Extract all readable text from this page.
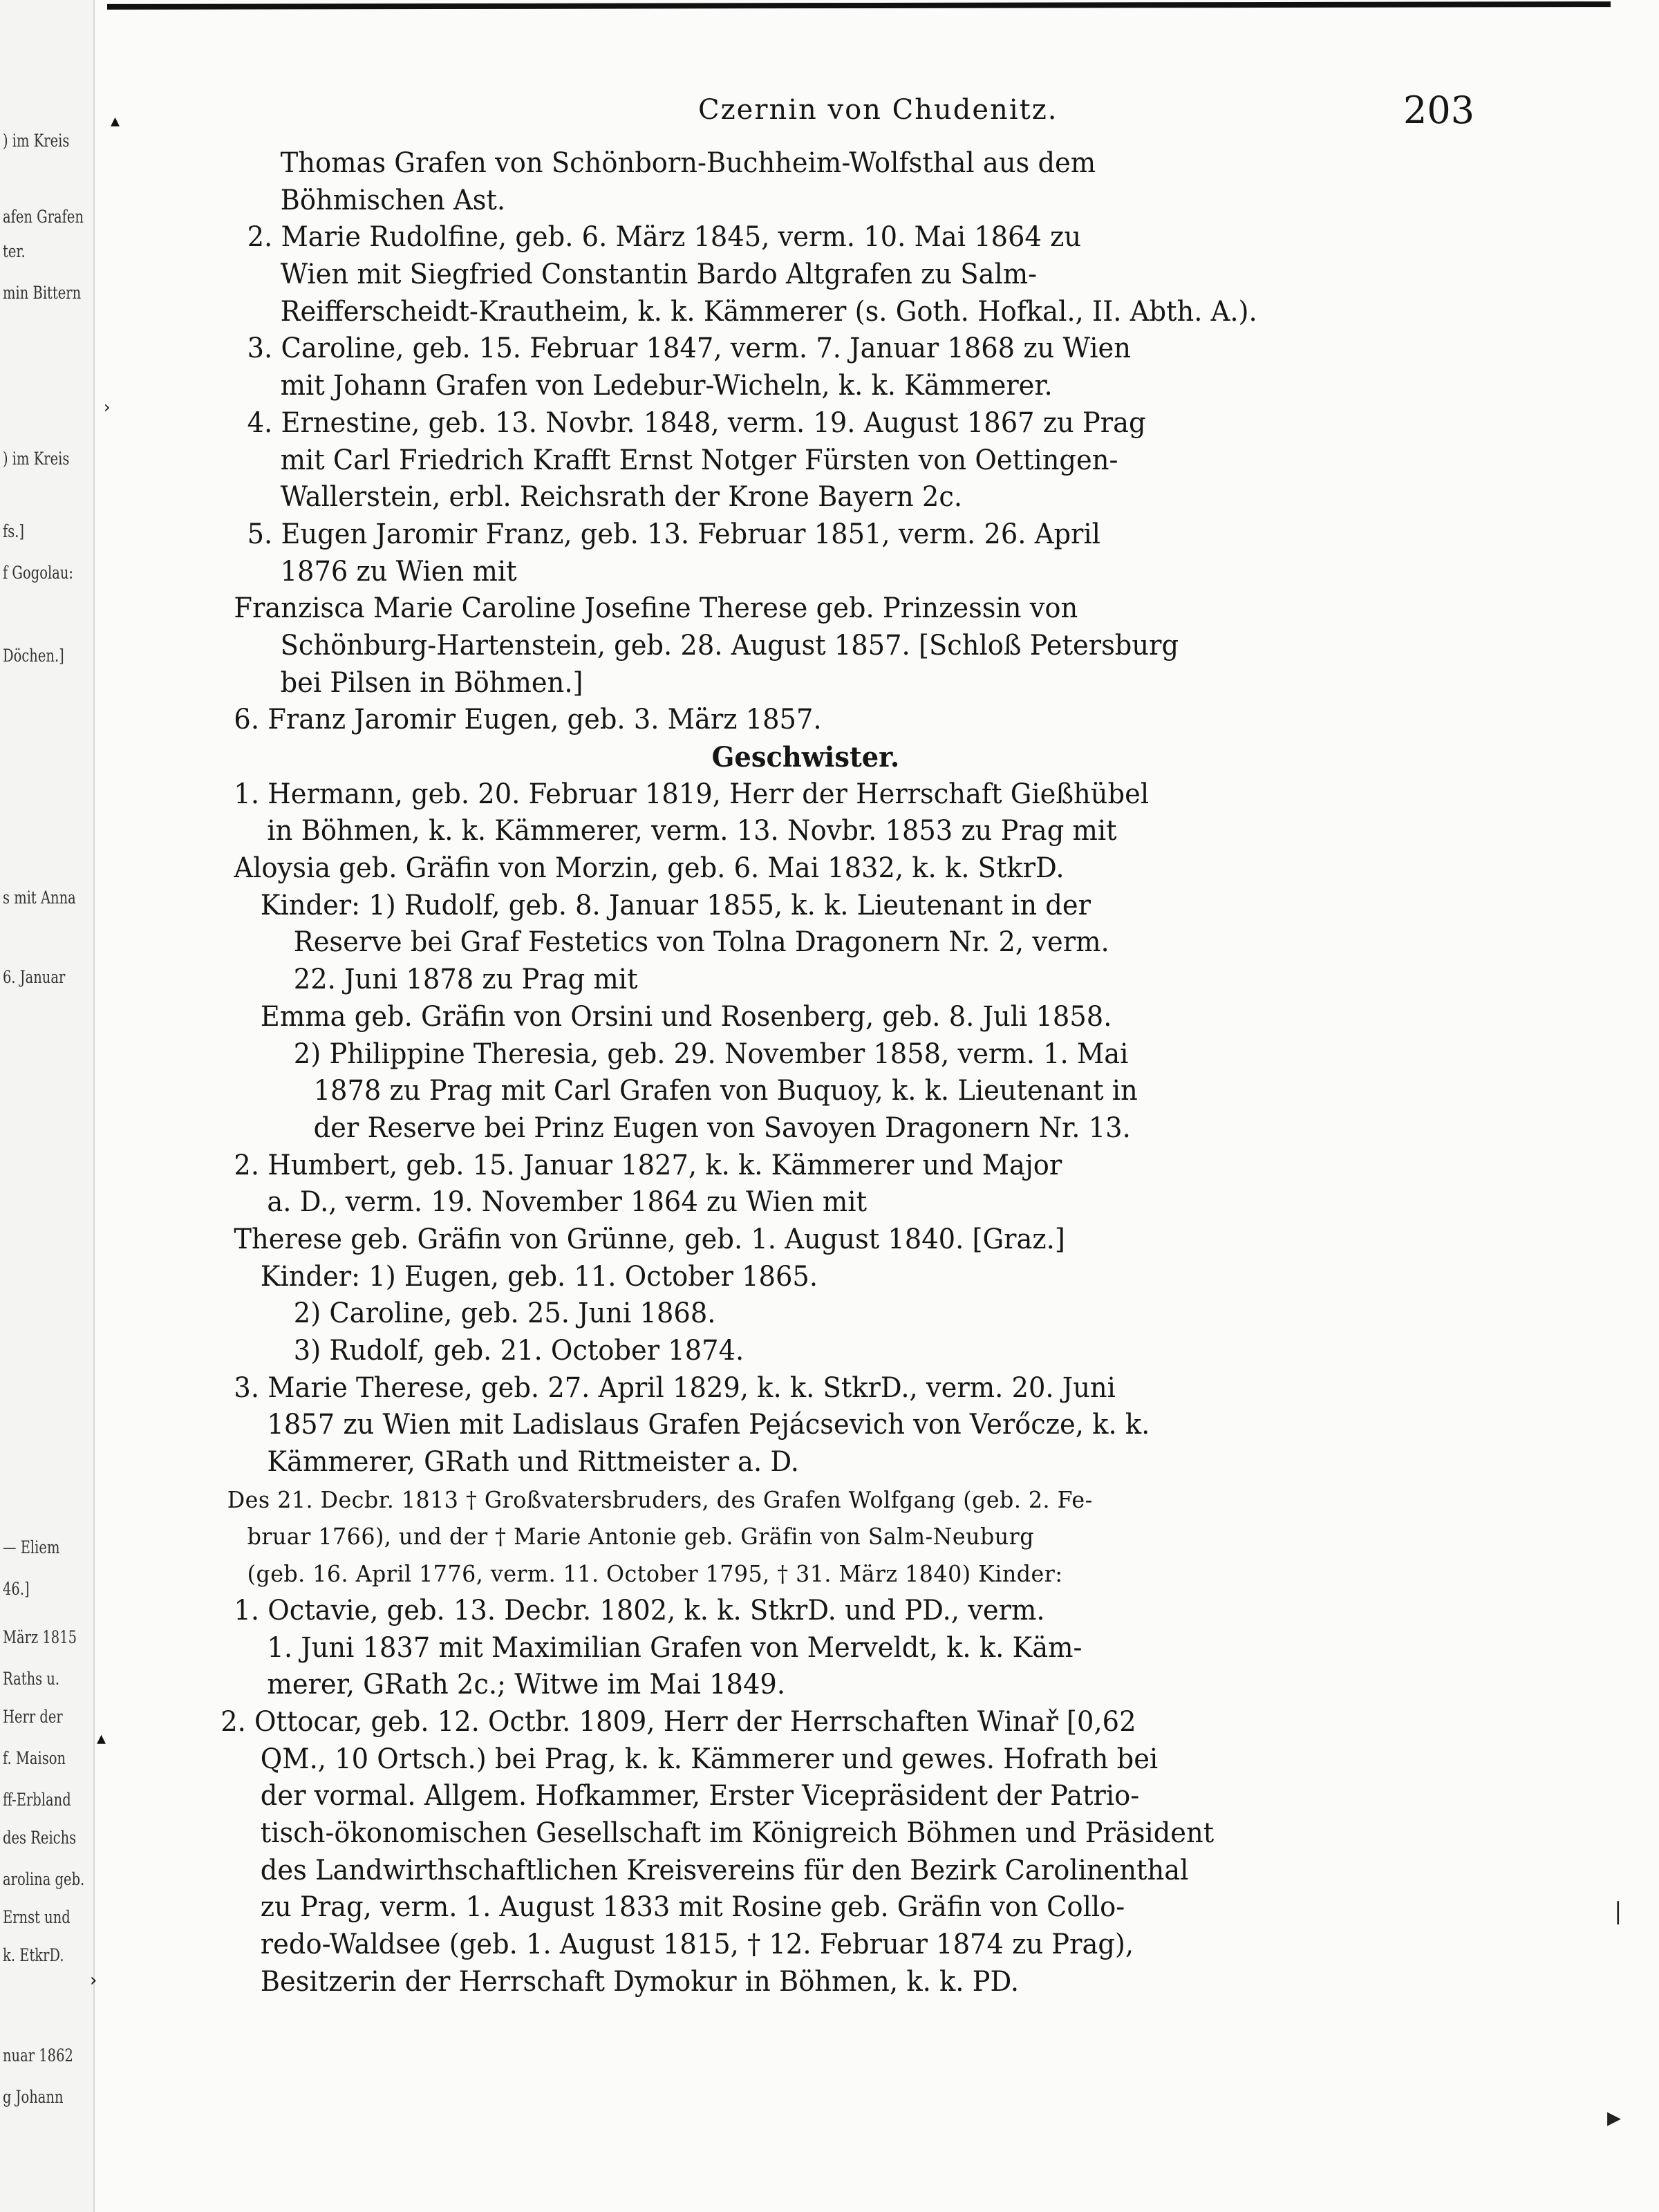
) im Kreis
afen Grafen
ter.
min Bittern
) im Kreis
fs.]
f Gogolau:
Döchen.]
s mit Anna
6. Januar
— Eliem
46.]
März 1815
Raths u.
Herr der
f. Maison
ff-Erbland
des Reichs
arolina geb.
Ernst und
k. EtkrD.
nuar 1862
g Johann
▴
›
▴
›
|
▸
Czernin von Chudenitz.	203
Thomas Grafen von Schönborn-Buchheim-Wolfsthal aus dem
Böhmischen Ast.
2. Marie Rudolfine, geb. 6. März 1845, verm. 10. Mai 1864 zu
Wien mit Siegfried Constantin Bardo Altgrafen zu Salm-
Reifferscheidt-Krautheim, k. k. Kämmerer (s. Goth. Hofkal., II. Abth. A.).
3. Caroline, geb. 15. Februar 1847, verm. 7. Januar 1868 zu Wien
mit Johann Grafen von Ledebur-Wicheln, k. k. Kämmerer.
4. Ernestine, geb. 13. Novbr. 1848, verm. 19. August 1867 zu Prag
mit Carl Friedrich Krafft Ernst Notger Fürsten von Oettingen-
Wallerstein, erbl. Reichsrath der Krone Bayern 2c.
5. Eugen Jaromir Franz, geb. 13. Februar 1851, verm. 26. April
1876 zu Wien mit
Franzisca Marie Caroline Josefine Therese geb. Prinzessin von
Schönburg-Hartenstein, geb. 28. August 1857. [Schloß Petersburg
bei Pilsen in Böhmen.]
6. Franz Jaromir Eugen, geb. 3. März 1857.
Geschwister.
1. Hermann, geb. 20. Februar 1819, Herr der Herrschaft Gießhübel
in Böhmen, k. k. Kämmerer, verm. 13. Novbr. 1853 zu Prag mit
Aloysia geb. Gräfin von Morzin, geb. 6. Mai 1832, k. k. StkrD.
Kinder: 1) Rudolf, geb. 8. Januar 1855, k. k. Lieutenant in der
Reserve bei Graf Festetics von Tolna Dragonern Nr. 2, verm.
22. Juni 1878 zu Prag mit
Emma geb. Gräfin von Orsini und Rosenberg, geb. 8. Juli 1858.
2) Philippine Theresia, geb. 29. November 1858, verm. 1. Mai
1878 zu Prag mit Carl Grafen von Buquoy, k. k. Lieutenant in
der Reserve bei Prinz Eugen von Savoyen Dragonern Nr. 13.
2. Humbert, geb. 15. Januar 1827, k. k. Kämmerer und Major
a. D., verm. 19. November 1864 zu Wien mit
Therese geb. Gräfin von Grünne, geb. 1. August 1840. [Graz.]
Kinder: 1) Eugen, geb. 11. October 1865.
2) Caroline, geb. 25. Juni 1868.
3) Rudolf, geb. 21. October 1874.
3. Marie Therese, geb. 27. April 1829, k. k. StkrD., verm. 20. Juni
1857 zu Wien mit Ladislaus Grafen Pejácsevich von Verőcze, k. k.
Kämmerer, GRath und Rittmeister a. D.
Des 21. Decbr. 1813 † Großvatersbruders, des Grafen Wolfgang (geb. 2. Fe-
bruar 1766), und der † Marie Antonie geb. Gräfin von Salm-Neuburg
(geb. 16. April 1776, verm. 11. October 1795, † 31. März 1840) Kinder:
1. Octavie, geb. 13. Decbr. 1802, k. k. StkrD. und PD., verm.
1. Juni 1837 mit Maximilian Grafen von Merveldt, k. k. Käm-
merer, GRath 2c.; Witwe im Mai 1849.
2. Ottocar, geb. 12. Octbr. 1809, Herr der Herrschaften Winař [0,62
QM., 10 Ortsch.) bei Prag, k. k. Kämmerer und gewes. Hofrath bei
der vormal. Allgem. Hofkammer, Erster Vicepräsident der Patrio-
tisch-ökonomischen Gesellschaft im Königreich Böhmen und Präsident
des Landwirthschaftlichen Kreisvereins für den Bezirk Carolinenthal
zu Prag, verm. 1. August 1833 mit Rosine geb. Gräfin von Collo-
redo-Waldsee (geb. 1. August 1815, † 12. Februar 1874 zu Prag),
Besitzerin der Herrschaft Dymokur in Böhmen, k. k. PD.
